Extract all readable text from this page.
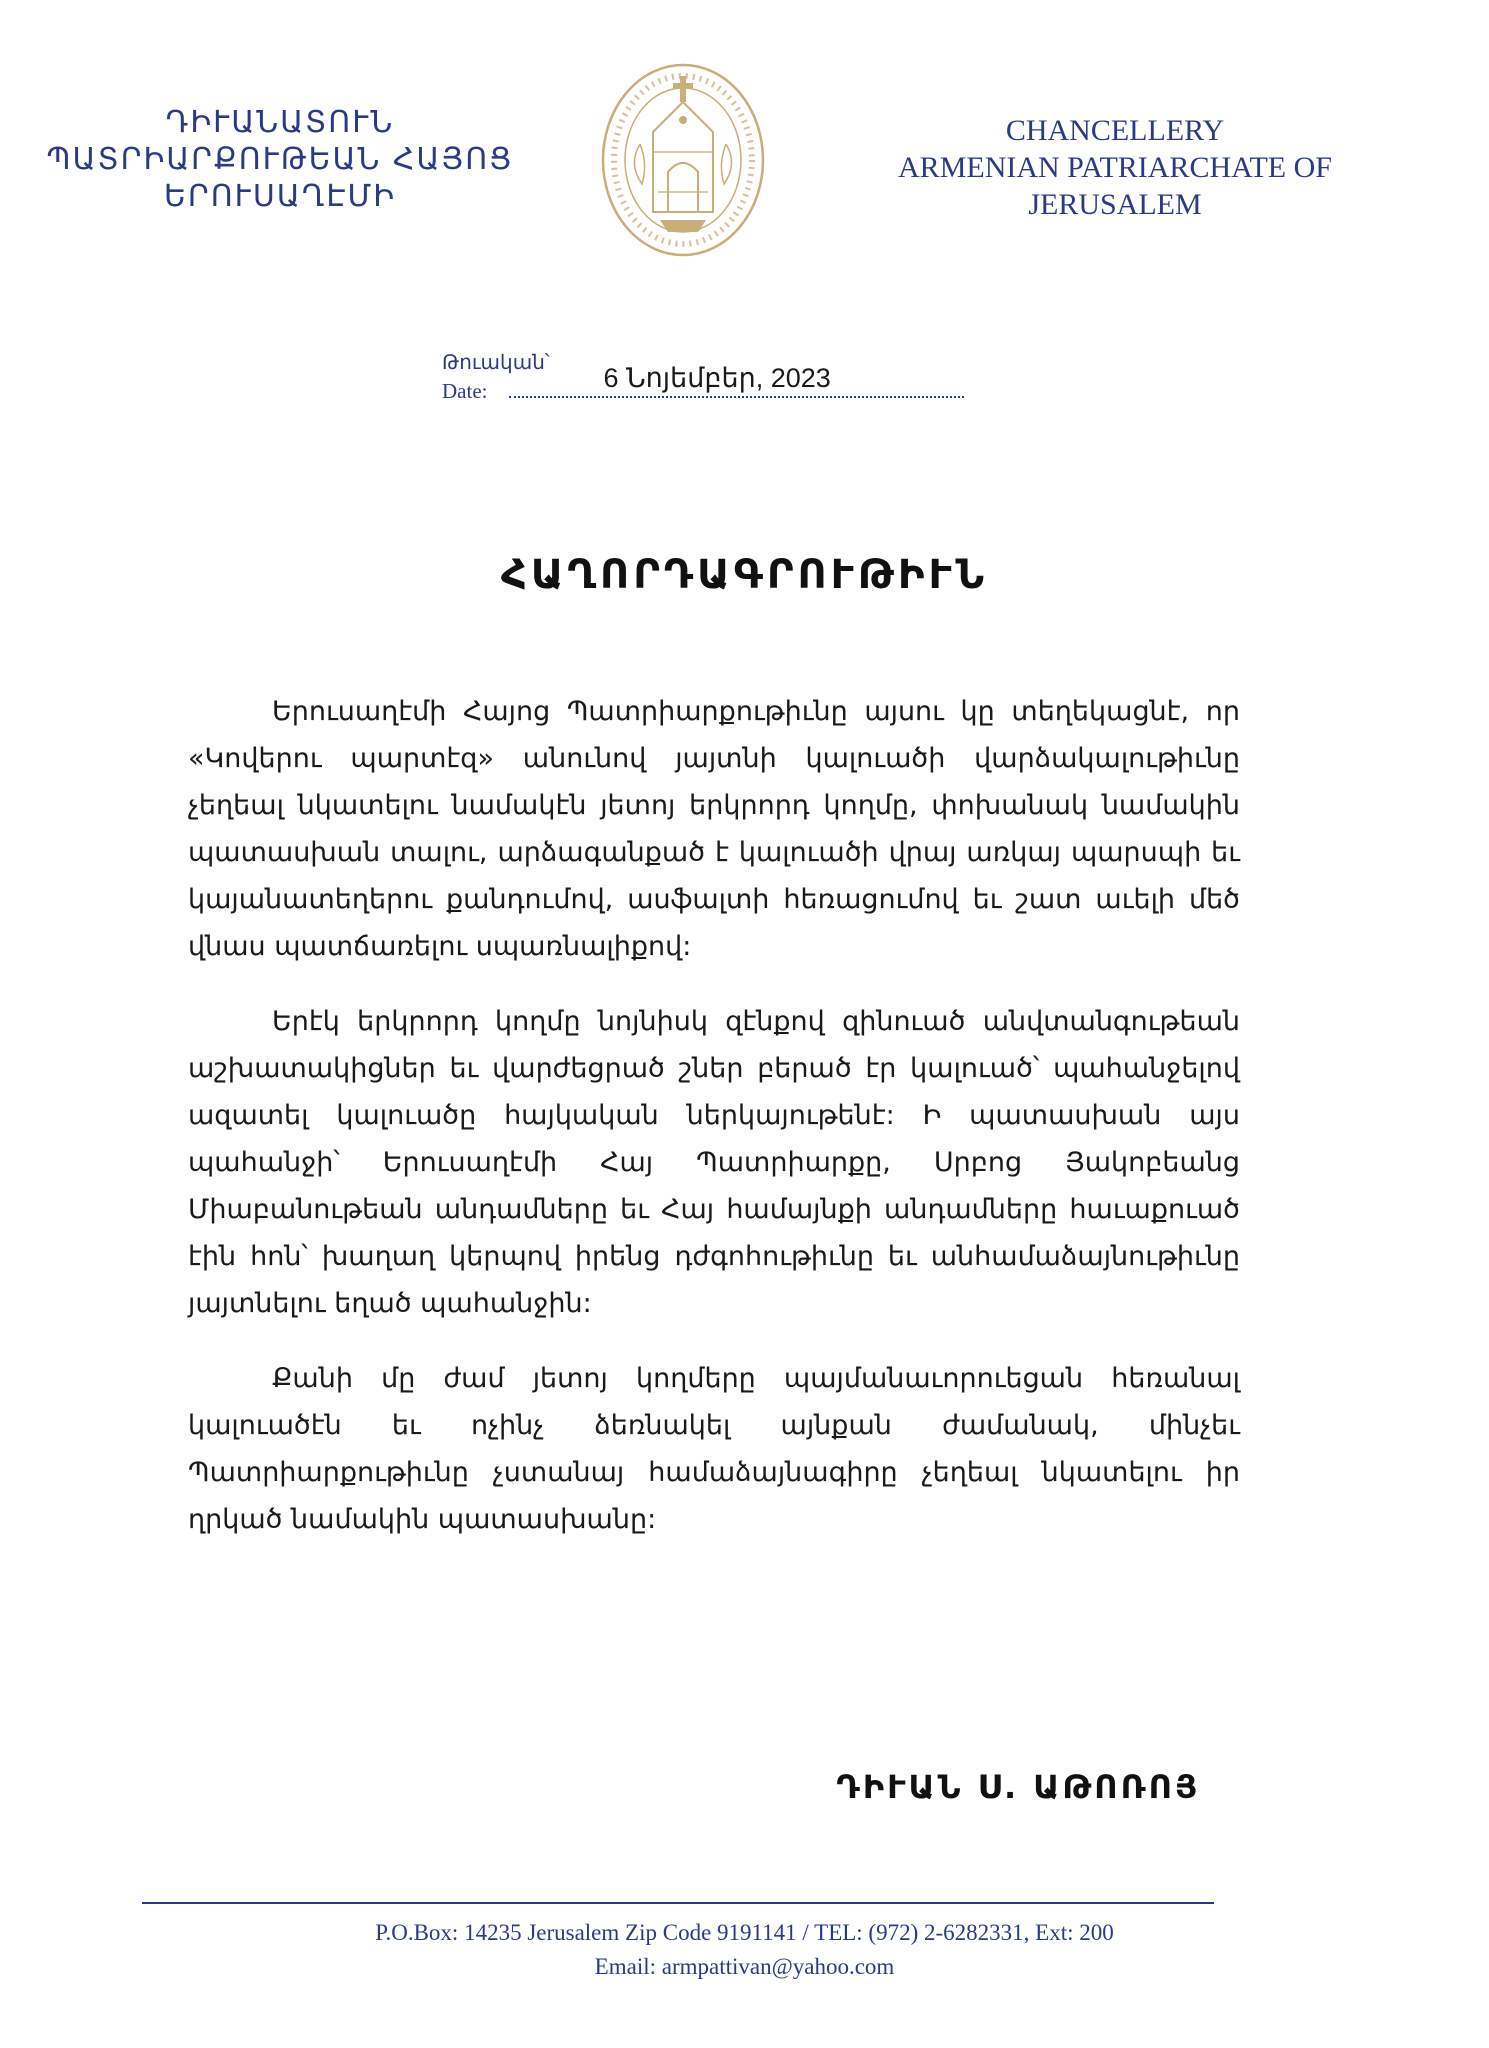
ԴԻՒԱՆԱՏՈՒՆ
ՊԱՏՐԻԱՐՔՈՒԹԵԱՆ ՀԱՅՈՑ
ԵՐՈՒՍԱՂԷՄԻ
CHANCELLERY
ARMENIAN PATRIARCHATE OF
JERUSALEM
Թուական՝
Date:	6 Նոյեմբեր, 2023
ՀԱՂՈՐԴԱԳՐՈՒԹԻՒՆ

Երուսաղէմի Հայոց Պատրիարքութիւնը այսու կը տեղեկացնէ, որ «Կովերու պարտէզ» անունով յայտնի կալուածի վարձակալութիւնը չեղեալ նկատելու նամակէն յետոյ երկրորդ կողմը, փոխանակ նամակին պատասխան տալու, արձագանքած է կալուածի վրայ առկայ պարսպի եւ կայանատեղերու քանդումով, ասֆալտի հեռացումով եւ շատ աւելի մեծ վնաս պատճառելու սպառնալիքով:

Երէկ երկրորդ կողմը նոյնիսկ զէնքով զինուած անվտանգութեան աշխատակիցներ եւ վարժեցրած շներ բերած էր կալուած՝ պահանջելով ազատել կալուածը հայկական ներկայութենէ: Ի պատասխան այս պահանջի՝ Երուսաղէմի Հայ Պատրիարքը, Սրբոց Յակոբեանց Միաբանութեան անդամները եւ Հայ համայնքի անդամները հաւաքուած էին հոն՝ խաղաղ կերպով իրենց դժգոհութիւնը եւ անհամաձայնութիւնը յայտնելու եղած պահանջին:

Քանի մը ժամ յետոյ կողմերը պայմանաւորուեցան հեռանալ կալուածէն եւ ոչինչ ձեռնակել այնքան ժամանակ, մինչեւ Պատրիարքութիւնը չստանայ համաձայնագիրը չեղեալ նկատելու իր ղրկած նամակին պատասխանը:

ԴԻՒԱՆ Ս. ԱԹՈՌՈՅ
P.O.Box: 14235 Jerusalem Zip Code 9191141 / TEL: (972) 2-6282331, Ext: 200
Email: armpattivan@yahoo.com
